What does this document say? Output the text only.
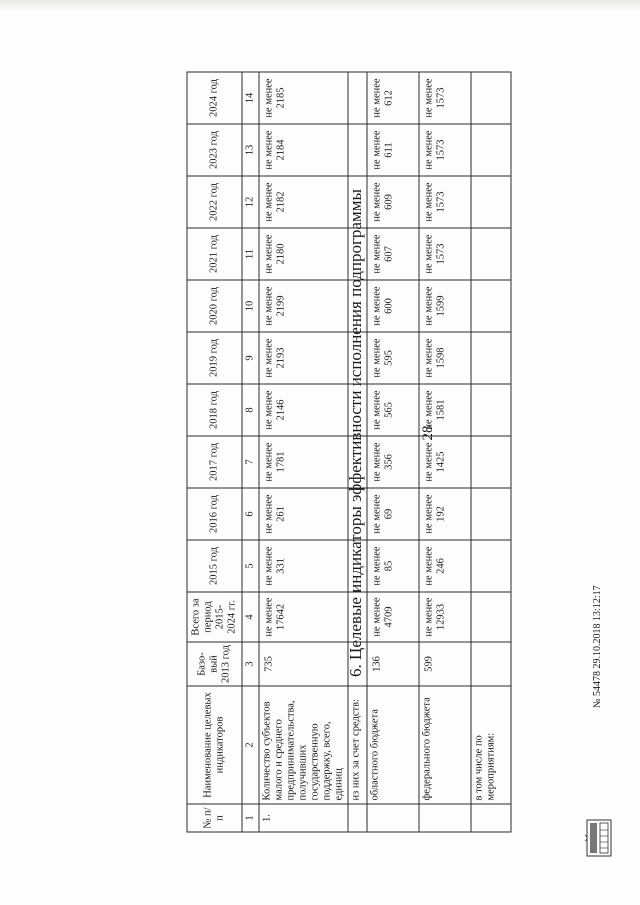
28
6. Целевые индикаторы эффективности исполнения подпрограммы
№ п/п	Наименование целевых индикаторов	Базо-вый 2013 год	Всего за период 2015-2024 гг.	2015 год	2016 год	2017 год	2018 год	2019 год	2020 год	2021 год	2022 год	2023 год	2024 год
1	2	3	4	5	6	7	8	9	10	11	12	13	14
1.	Количество субъектов малого и среднего предпринимательства, получивших государственную поддержку, всего, единиц	735	не менее 17642	не менее 331	не менее 261	не менее 1781	не менее 2146	не менее 2193	не менее 2199	не менее 2180	не менее 2182	не менее 2184	не менее 2185
	из них за счет средств:												
	областного бюджета	136	не менее 4709	не менее 85	не менее 69	не менее 356	не менее 565	не менее 595	не менее 600	не менее 607	не менее 609	не менее 611	не менее 612
	федерального бюджета	599	не менее 12933	не менее 246	не менее 192	не менее 1425	не менее 1581	не менее 1598	не менее 1599	не менее 1573	не менее 1573	не менее 1573	не менее 1573
	в том числе по мероприятиям:												
№ 54478 29.10.2018 13:12:17
